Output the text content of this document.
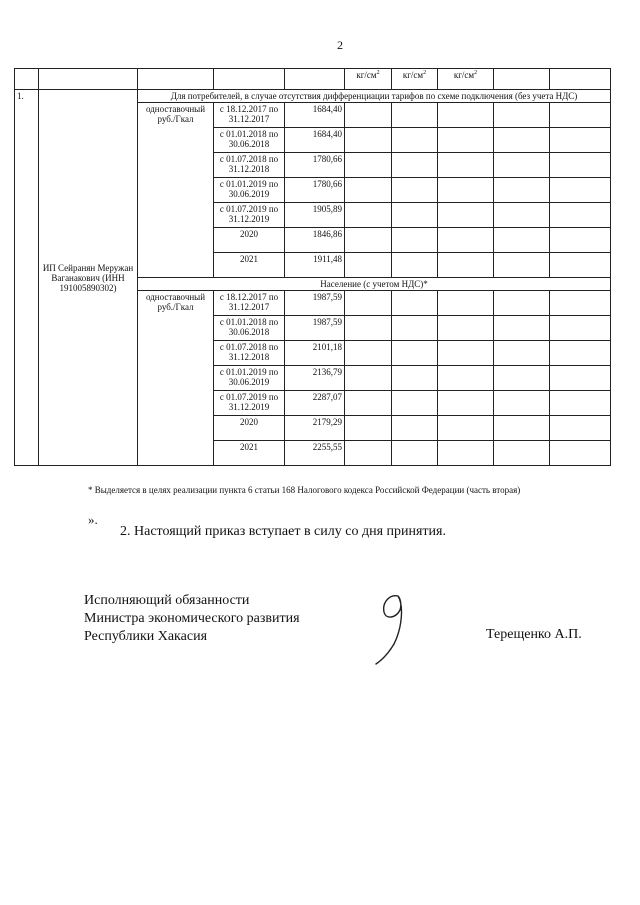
2
					$кг/см^2$	$кг/см^2$	$кг/см^2$		
1.	ИП Сейранян Меружан Ваганакович (ИНН 191005890302)	Для потребителей, в случае отсутствия дифференциации тарифов по схеме подключения (без учета НДС)								
		одноставочный руб./Гкал	с 18.12.2017 по 31.12.2017	1684,40						
			с 01.01.2018 по 30.06.2018	1684,40						
			с 01.07.2018 по 31.12.2018	1780,66						
			с 01.01.2019 по 30.06.2019	1780,66						
			с 01.07.2019 по 31.12.2019	1905,89						
			2020	1846,86						
			2021	1911,48						
		Население (с учетом НДС)*								
		одноставочный руб./Гкал	с 18.12.2017 по 31.12.2017	1987,59						
			с 01.01.2018 по 30.06.2018	1987,59						
			с 01.07.2018 по 31.12.2018	2101,18						
			с 01.01.2019 по 30.06.2019	2136,79						
			с 01.07.2019 по 31.12.2019	2287,07						
			2020	2179,29						
			2021	2255,55						
* Выделяется в целях реализации пункта 6 статьи 168 Налогового кодекса Российской Федерации (часть вторая)
».
2. Настоящий приказ вступает в силу со дня принятия.
Исполняющий обязанности
Министра экономического развития
Республики Хакасия	Терещенко А.П.
